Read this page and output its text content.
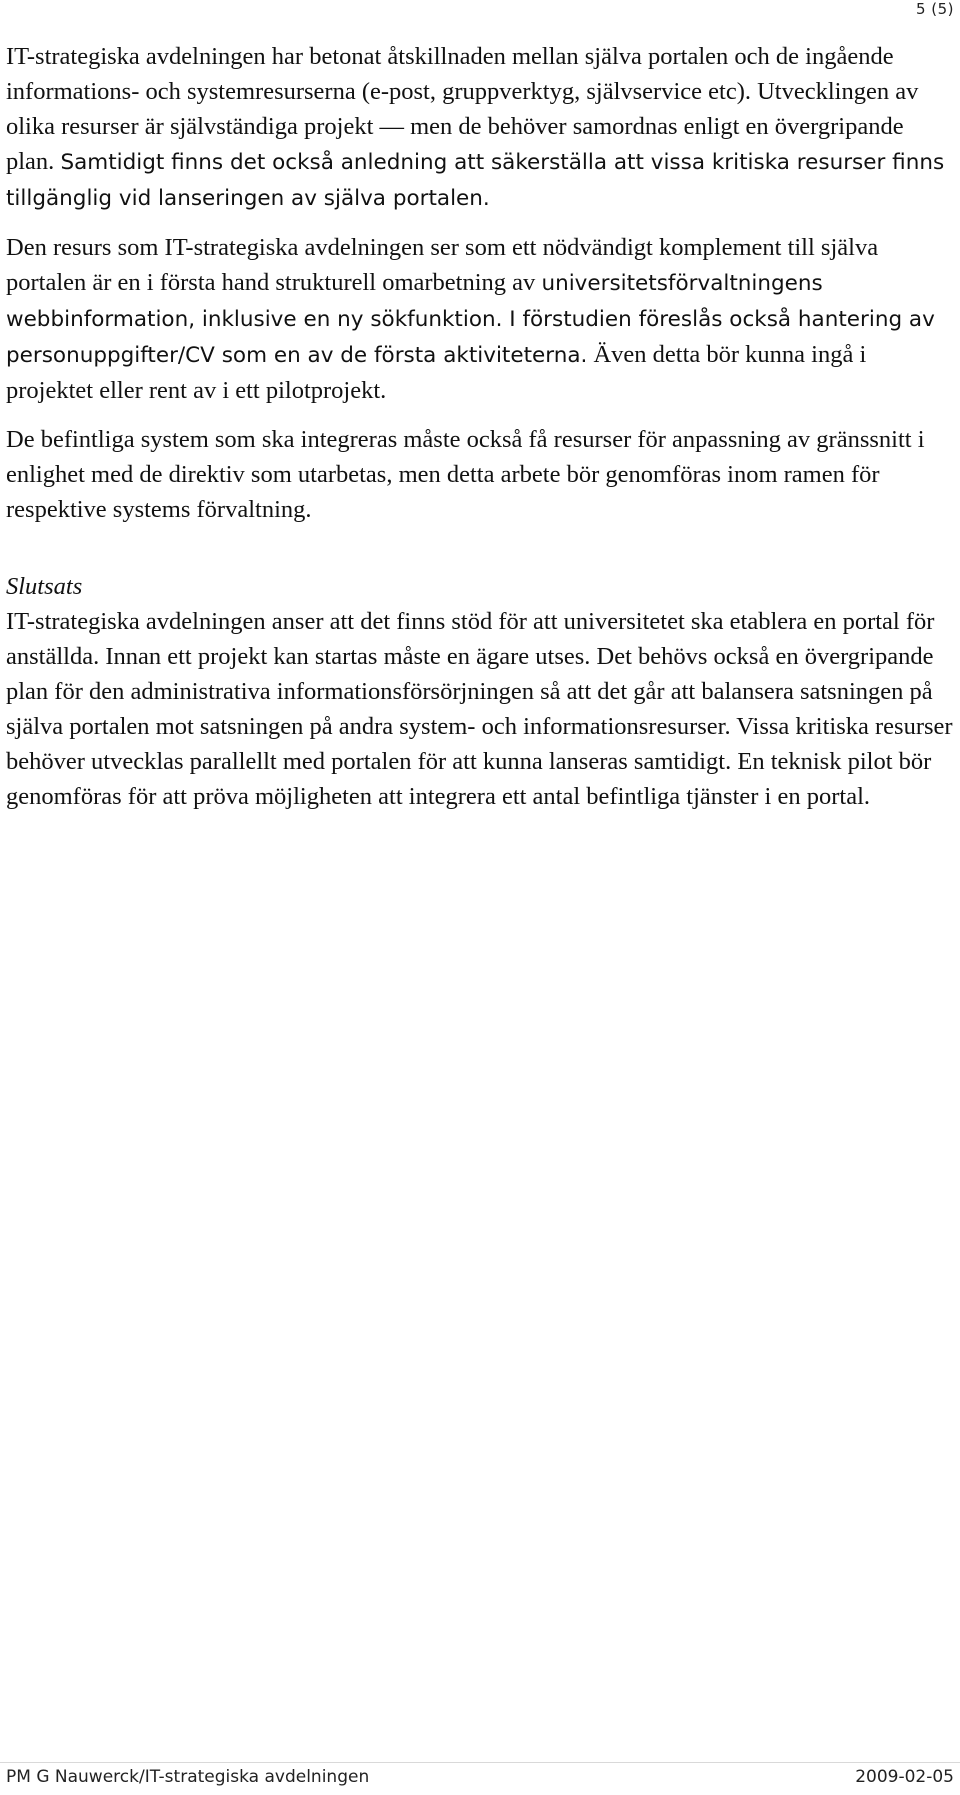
5 (5)

IT-strategiska avdelningen har betonat åtskillnaden mellan själva portalen och de ingående informations- och systemresurserna (e-post, gruppverktyg, självservice etc). Utvecklingen av olika resurser är självständiga projekt — men de behöver samordnas enligt en övergripande plan. Samtidigt finns det också anledning att säkerställa att vissa kritiska resurser finns tillgänglig vid lanseringen av själva portalen.

Den resurs som IT-strategiska avdelningen ser som ett nödvändigt komplement till själva portalen är en i första hand strukturell omarbetning av universitetsförvaltningens webbinformation, inklusive en ny sökfunktion. I förstudien föreslås också hantering av personuppgifter/CV som en av de första aktiviteterna. Även detta bör kunna ingå i projektet eller rent av i ett pilotprojekt.

De befintliga system som ska integreras måste också få resurser för anpassning av gränssnitt i enlighet med de direktiv som utarbetas, men detta arbete bör genomföras inom ramen för respektive systems förvaltning.

Slutsats

IT-strategiska avdelningen anser att det finns stöd för att universitetet ska etablera en portal för anställda. Innan ett projekt kan startas måste en ägare utses. Det behövs också en övergripande plan för den administrativa informationsförsörjningen så att det går att balansera satsningen på själva portalen mot satsningen på andra system- och informationsresurser. Vissa kritiska resurser behöver utvecklas parallellt med portalen för att kunna lanseras samtidigt. En teknisk pilot bör genomföras för att pröva möjligheten att integrera ett antal befintliga tjänster i en portal.

PM G Nauwerck/IT-strategiska avdelningen	2009-02-05
